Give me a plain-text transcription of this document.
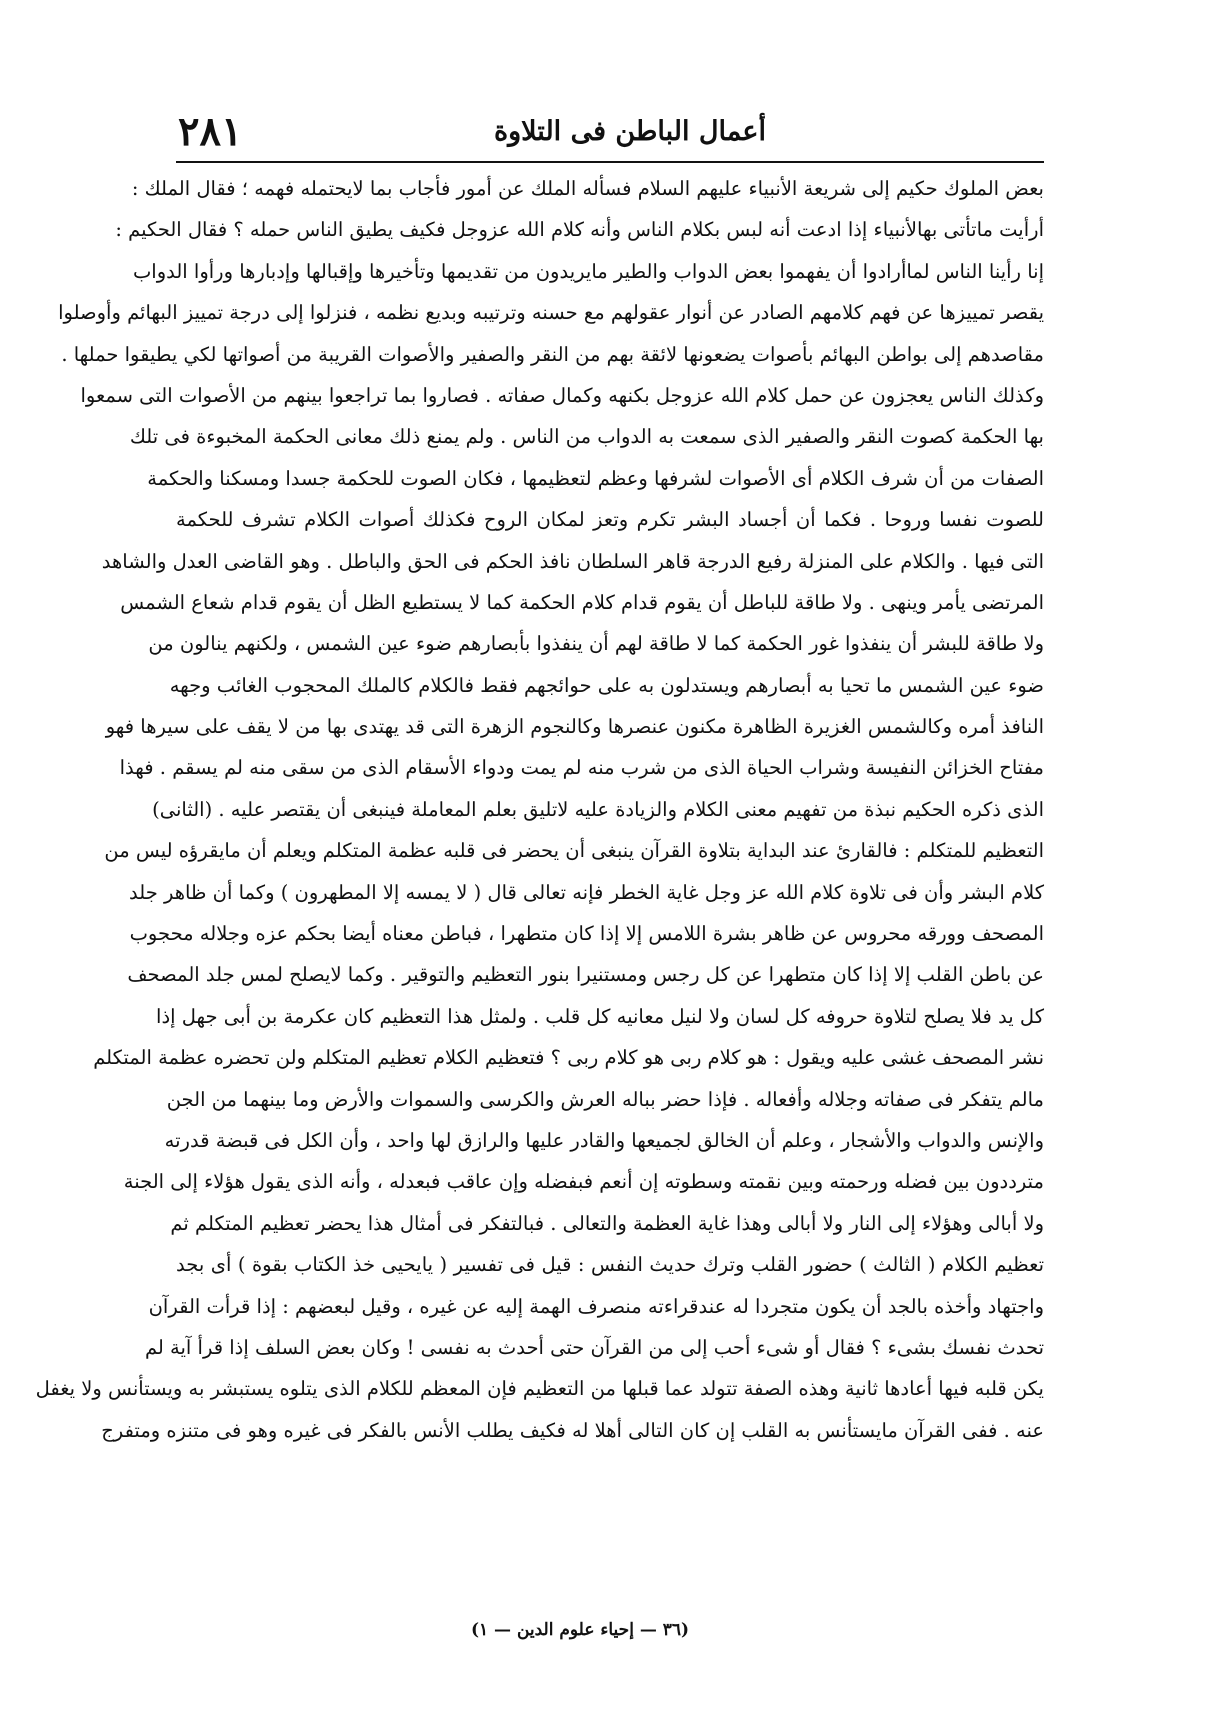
٢٨١	أعمال الباطن فى التلاوة
بعض الملوك حكيم إلى شريعة الأنبياء عليهم السلام فسأله الملك عن أمور فأجاب بما لايحتمله فهمه ؛ فقال الملك :
أرأيت ماتأتى بهالأنبياء إذا ادعت أنه لبس بكلام الناس وأنه كلام الله عزوجل فكيف يطيق الناس حمله ؟ فقال الحكيم :
إنا رأينا الناس لماأرادوا أن يفهموا بعض الدواب والطير مايريدون من تقديمها وتأخيرها وإقبالها وإدبارها ورأوا الدواب
يقصر تمييزها عن فهم كلامهم الصادر عن أنوار عقولهم مع حسنه وترتيبه وبديع نظمه ، فنزلوا إلى درجة تمييز البهائم وأوصلوا
مقاصدهم إلى بواطن البهائم بأصوات يضعونها لائقة بهم من النقر والصفير والأصوات القريبة من أصواتها لكي يطيقوا حملها .
وكذلك الناس يعجزون عن حمل كلام الله عزوجل بكنهه وكمال صفاته . فصاروا بما تراجعوا بينهم من الأصوات التى سمعوا
بها الحكمة كصوت النقر والصفير الذى سمعت به الدواب من الناس . ولم يمنع ذلك معانى الحكمة المخبوءة فى تلك
الصفات من أن شرف الكلام أى الأصوات لشرفها وعظم لتعظيمها ، فكان الصوت للحكمة جسدا ومسكنا والحكمة
للصوت نفسا وروحا . فكما أن أجساد البشر تكرم وتعز لمكان الروح فكذلك أصوات الكلام تشرف للحكمة
التى فيها . والكلام على المنزلة رفيع الدرجة قاهر السلطان نافذ الحكم فى الحق والباطل . وهو القاضى العدل والشاهد
المرتضى يأمر وينهى . ولا طاقة للباطل أن يقوم قدام كلام الحكمة كما لا يستطيع الظل أن يقوم قدام شعاع الشمس
ولا طاقة للبشر أن ينفذوا غور الحكمة كما لا طاقة لهم أن ينفذوا بأبصارهم ضوء عين الشمس ، ولكنهم ينالون من
ضوء عين الشمس ما تحيا به أبصارهم ويستدلون به على حوائجهم فقط فالكلام كالملك المحجوب الغائب وجهه
النافذ أمره وكالشمس الغزيرة الظاهرة مكنون عنصرها وكالنجوم الزهرة التى قد يهتدى بها من لا يقف على سيرها فهو
مفتاح الخزائن النفيسة وشراب الحياة الذى من شرب منه لم يمت ودواء الأسقام الذى من سقى منه لم يسقم . فهذا
الذى ذكره الحكيم نبذة من تفهيم معنى الكلام والزيادة عليه لاتليق بعلم المعاملة فينبغى أن يقتصر عليه . (الثانى)
التعظيم للمتكلم : فالقارئ عند البداية بتلاوة القرآن ينبغى أن يحضر فى قلبه عظمة المتكلم ويعلم أن مايقرؤه ليس من
كلام البشر وأن فى تلاوة كلام الله عز وجل غاية الخطر فإنه تعالى قال ( لا يمسه إلا المطهرون ) وكما أن ظاهر جلد
المصحف وورقه محروس عن ظاهر بشرة اللامس إلا إذا كان متطهرا ، فباطن معناه أيضا بحكم عزه وجلاله محجوب
عن باطن القلب إلا إذا كان متطهرا عن كل رجس ومستنيرا بنور التعظيم والتوقير . وكما لايصلح لمس جلد المصحف
كل يد فلا يصلح لتلاوة حروفه كل لسان ولا لنيل معانيه كل قلب . ولمثل هذا التعظيم كان عكرمة بن أبى جهل إذا
نشر المصحف غشى عليه ويقول : هو كلام ربى هو كلام ربى ؟ فتعظيم الكلام تعظيم المتكلم ولن تحضره عظمة المتكلم
مالم يتفكر فى صفاته وجلاله وأفعاله . فإذا حضر بباله العرش والكرسى والسموات والأرض وما بينهما من الجن
والإنس والدواب والأشجار ، وعلم أن الخالق لجميعها والقادر عليها والرازق لها واحد ، وأن الكل فى قبضة قدرته
مترددون بين فضله ورحمته وبين نقمته وسطوته إن أنعم فبفضله وإن عاقب فبعدله ، وأنه الذى يقول هؤلاء إلى الجنة
ولا أبالى وهؤلاء إلى النار ولا أبالى وهذا غاية العظمة والتعالى . فبالتفكر فى أمثال هذا يحضر تعظيم المتكلم ثم
تعظيم الكلام ( الثالث ) حضور القلب وترك حديث النفس : قيل فى تفسير ( يايحيى خذ الكتاب بقوة ) أى بجد
واجتهاد وأخذه بالجد أن يكون متجردا له عندقراءته منصرف الهمة إليه عن غيره ، وقيل لبعضهم : إذا قرأت القرآن
تحدث نفسك بشىء ؟ فقال أو شىء أحب إلى من القرآن حتى أحدث به نفسى ! وكان بعض السلف إذا قرأ آية لم
يكن قلبه فيها أعادها ثانية وهذه الصفة تتولد عما قبلها من التعظيم فإن المعظم للكلام الذى يتلوه يستبشر به ويستأنس ولا يغفل
عنه . ففى القرآن مايستأنس به القلب إن كان التالى أهلا له فكيف يطلب الأنس بالفكر فى غيره وهو فى متنزه ومتفرج
(٣٦ — إحياء علوم الدين — ١)
